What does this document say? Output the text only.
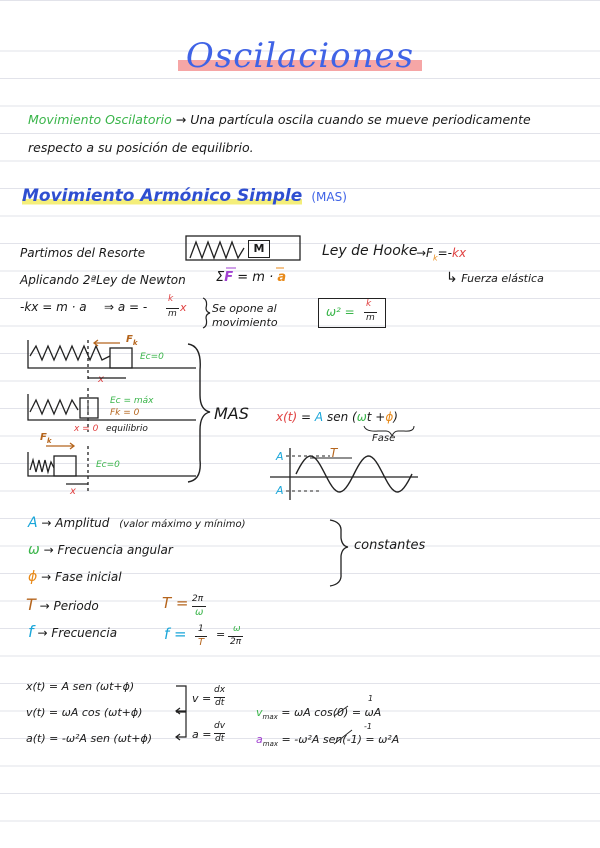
Oscilaciones
Movimiento Oscilatorio → Una partícula oscila cuando se mueve periodicamente
respecto a su posición de equilibrio.
Movimiento Armónico Simple (MAS)
Partimos del Resorte	M	Ley de Hooke
$\to F_k=-kx$
↳ Fuerza elástica
Aplicando 2ªLey de Newton ΣF = m · a
-kx = m · a ⇒ a = -
k
m x Se opone al
movimiento
ω² =
k
m
$F_k$
Ec=0
x
Ec = máx
Fk = 0
x = 0 equilibrio
$F_k$
Ec=0
x
MAS x(t) = A sen (ωt +ϕ)
Fase
T
A
A
A → Amplitud (valor máximo y mínimo)
ω → Frecuencia angular
ϕ → Fase inicial
T → Periodo
f → Frecuencia
constantes
T = 2π
ω
f = 1
T
= ω
2π
x(t) = A sen (ωt+ϕ)
v(t) = ωA cos (ωt+ϕ)
a(t) = -ω²A sen (ωt+ϕ)
v =
dx
dt
a =
dv
dt
$v_{max} = \omega A$ cos(0) = ωA
1
$a_{max} = -\omega^2A$ sen(-1) = ω²A
-1
